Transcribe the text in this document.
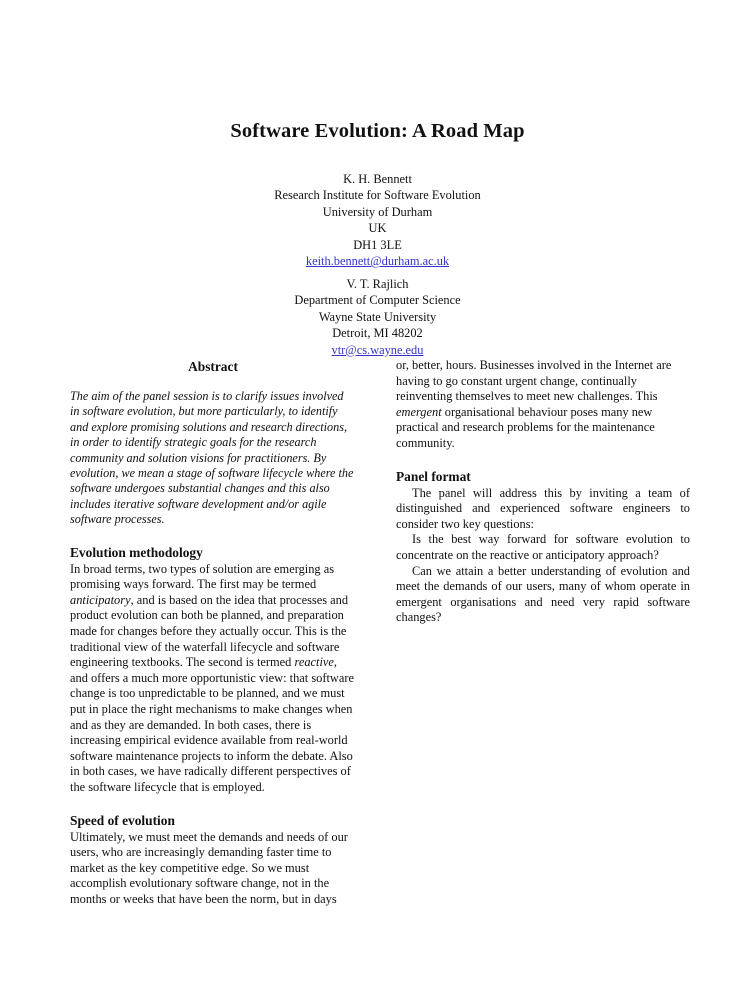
Software Evolution: A Road Map
K. H. Bennett
Research Institute for Software Evolution
University of Durham
UK
DH1 3LE
keith.bennett@durham.ac.uk
V. T. Rajlich
Department of Computer Science
Wayne State University
Detroit, MI 48202
vtr@cs.wayne.edu
Abstract

The aim of the panel session is to clarify issues involved in software evolution, but more particularly, to identify and explore promising solutions and research directions, in order to identify strategic goals for the research community and solution visions for practitioners. By evolution, we mean a stage of software lifecycle where the software undergoes substantial changes and this also includes iterative software development and/or agile software processes.

Evolution methodology

In broad terms, two types of solution are emerging as promising ways forward. The first may be termed anticipatory, and is based on the idea that processes and product evolution can both be planned, and preparation made for changes before they actually occur. This is the traditional view of the waterfall lifecycle and software engineering textbooks. The second is termed reactive, and offers a much more opportunistic view: that software change is too unpredictable to be planned, and we must put in place the right mechanisms to make changes when and as they are demanded. In both cases, there is increasing empirical evidence available from real-world software maintenance projects to inform the debate. Also in both cases, we have radically different perspectives of the software lifecycle that is employed.

Speed of evolution

Ultimately, we must meet the demands and needs of our users, who are increasingly demanding faster time to market as the key competitive edge. So we must accomplish evolutionary software change, not in the months or weeks that have been the norm, but in days

or, better, hours. Businesses involved in the Internet are having to go constant urgent change, continually reinventing themselves to meet new challenges. This emergent organisational behaviour poses many new practical and research problems for the maintenance community.

Panel format

The panel will address this by inviting a team of distinguished and experienced software engineers to consider two key questions:

Is the best way forward for software evolution to concentrate on the reactive or anticipatory approach?

Can we attain a better understanding of evolution and meet the demands of our users, many of whom operate in emergent organisations and need very rapid software changes?
